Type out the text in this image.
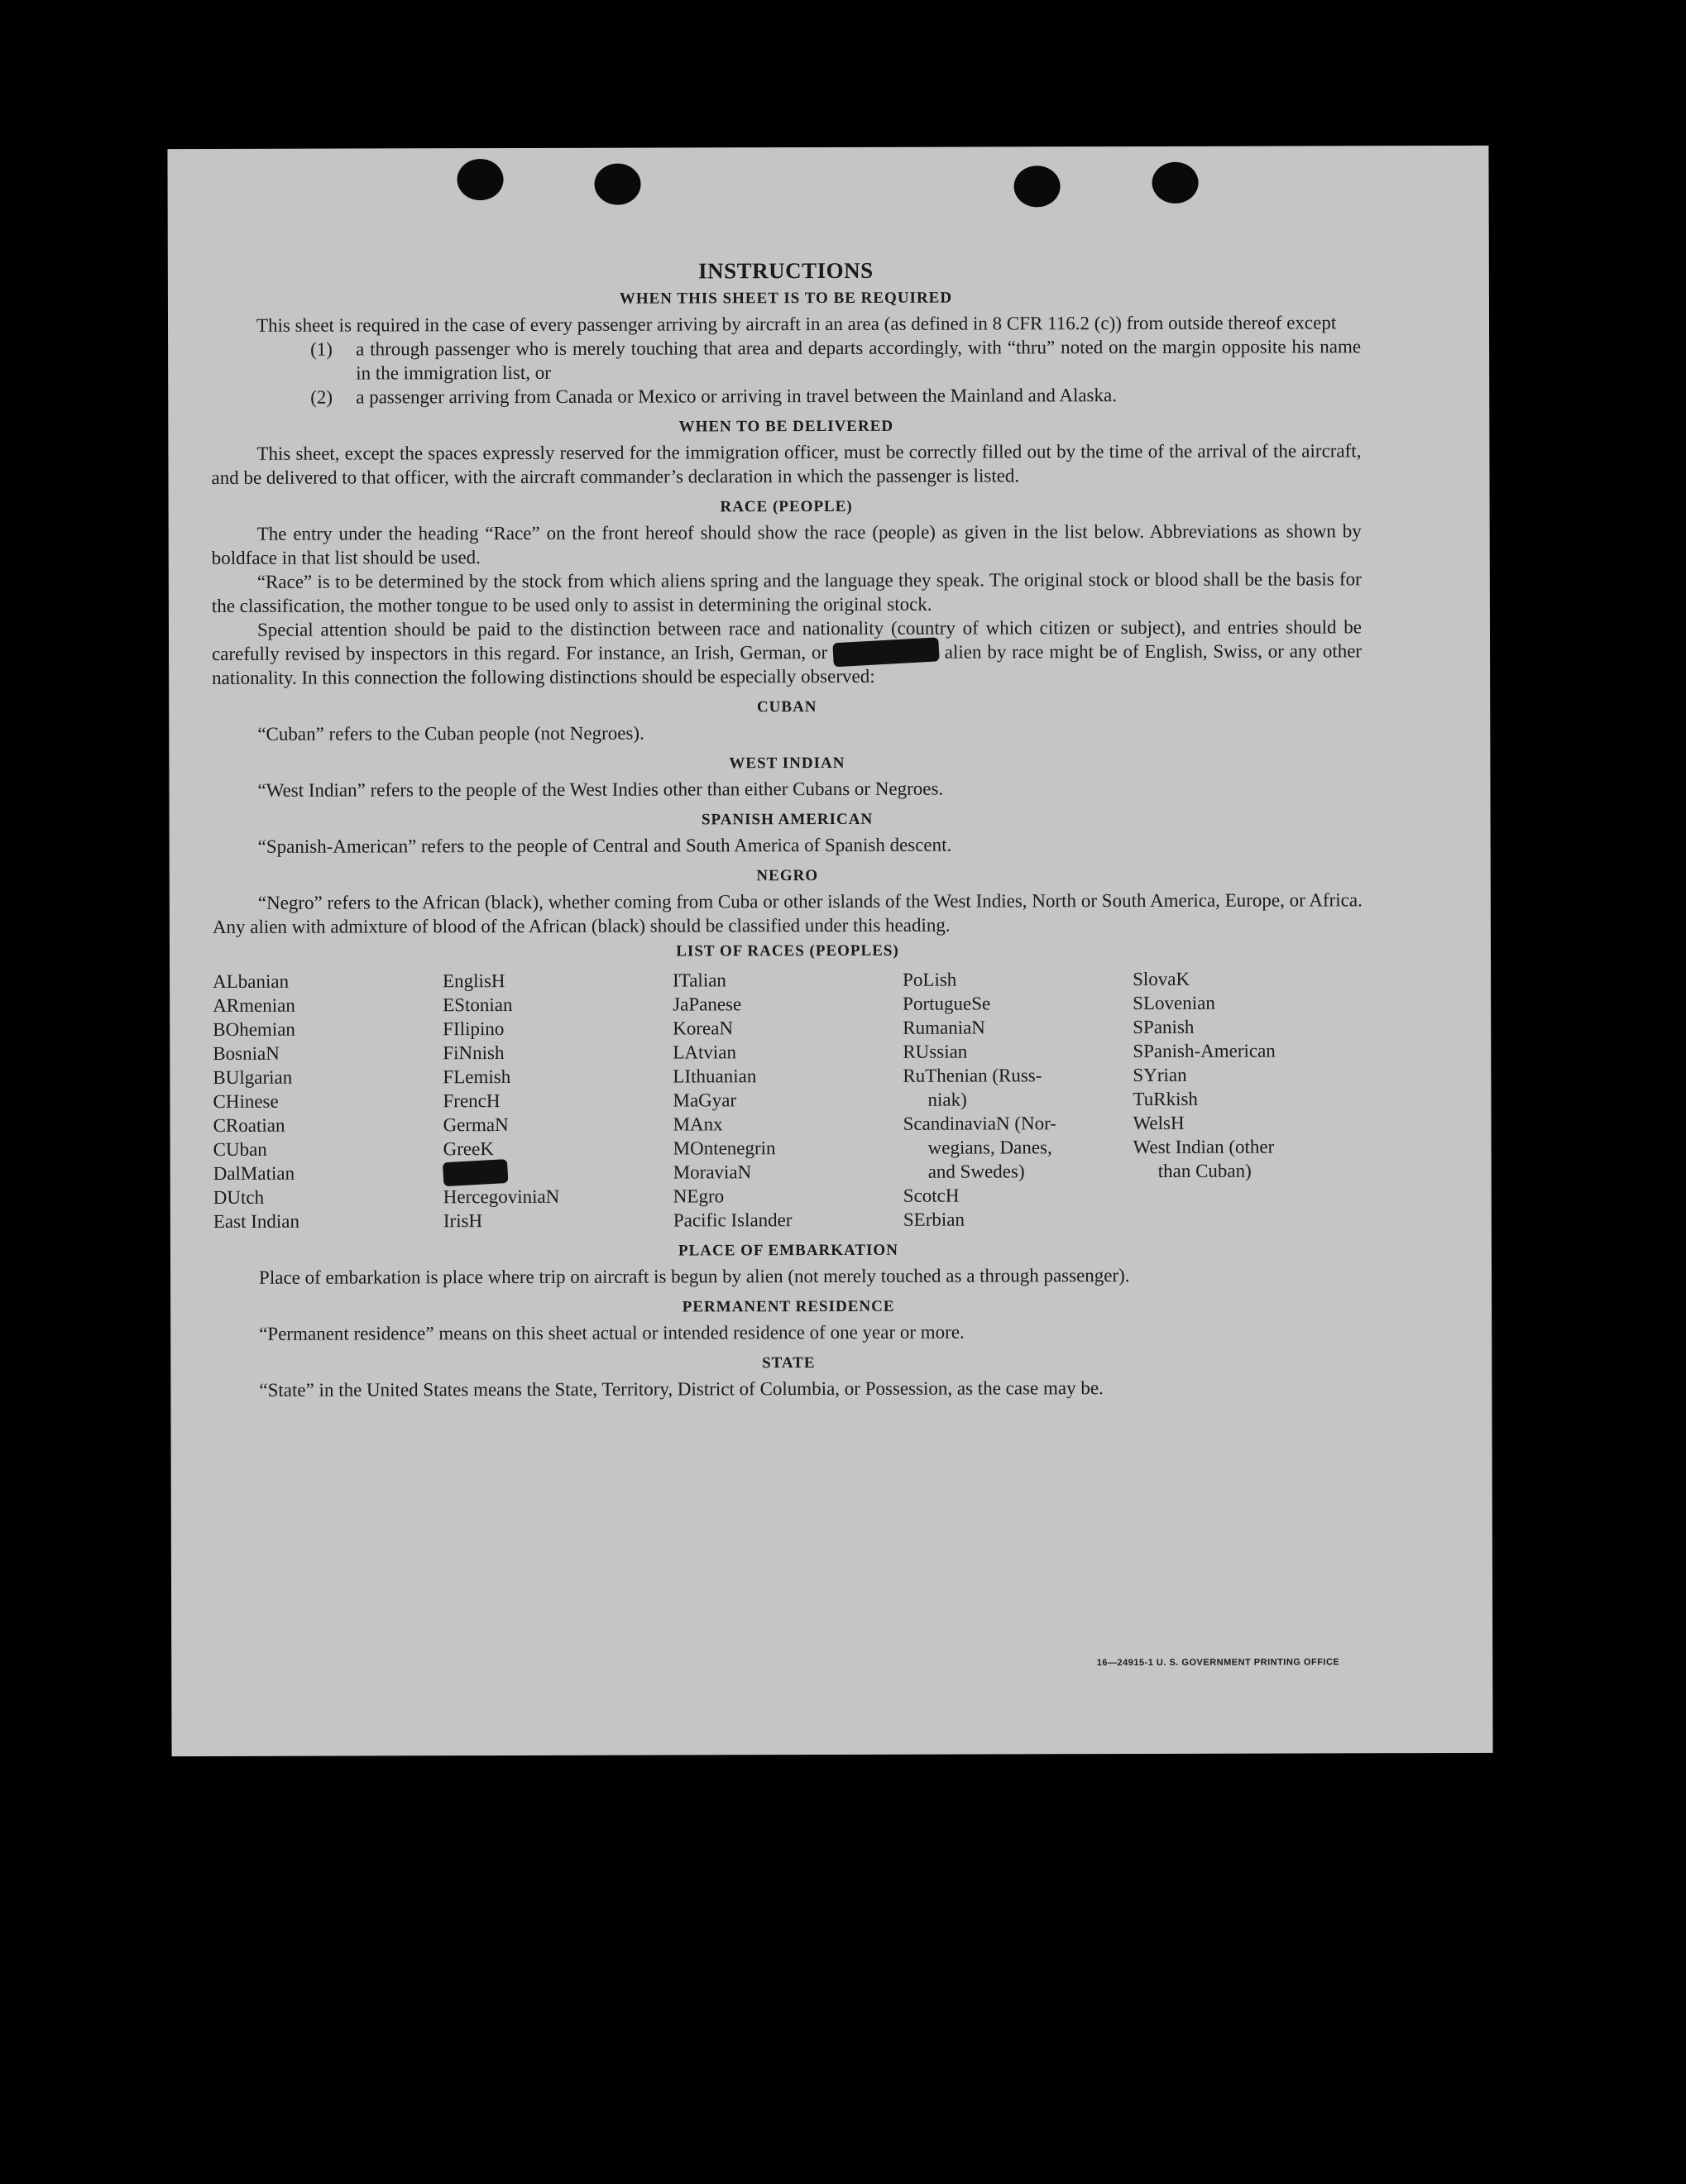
INSTRUCTIONS
WHEN THIS SHEET IS TO BE REQUIRED

This sheet is required in the case of every passenger arriving by aircraft in an area (as defined in 8 CFR 116.2 (c)) from outside thereof except

(1)	a through passenger who is merely touching that area and departs accordingly, with “thru” noted on the margin opposite his name in the immigration list, or
(2)	a passenger arriving from Canada or Mexico or arriving in travel between the Mainland and Alaska.
WHEN TO BE DELIVERED

This sheet, except the spaces expressly reserved for the immigration officer, must be correctly filled out by the time of the arrival of the aircraft, and be delivered to that officer, with the aircraft commander’s declaration in which the passenger is listed.

RACE (PEOPLE)

The entry under the heading “Race” on the front hereof should show the race (people) as given in the list below. Abbreviations as shown by boldface in that list should be used.

“Race” is to be determined by the stock from which aliens spring and the language they speak. The original stock or blood shall be the basis for the classification, the mother tongue to be used only to assist in determining the original stock.

Special attention should be paid to the distinction between race and nationality (country of which citizen or subject), and entries should be carefully revised by inspectors in this regard. For instance, an Irish, German, or	alien by race might be of English, Swiss, or any other nationality. In this connection the following distinctions should be especially observed:

CUBAN

“Cuban” refers to the Cuban people (not Negroes).

WEST INDIAN

“West Indian” refers to the people of the West Indies other than either Cubans or Negroes.

SPANISH AMERICAN

“Spanish-American” refers to the people of Central and South America of Spanish descent.

NEGRO

“Negro” refers to the African (black), whether coming from Cuba or other islands of the West Indies, North or South America, Europe, or Africa. Any alien with admixture of blood of the African (black) should be classified under this heading.

LIST OF RACES (PEOPLES)
ALbanian
ARmenian
BOhemian
BosniaN
BUlgarian
CHinese
CRoatian
CUban
DalMatian
DUtch
East Indian
EnglisH
EStonian
FIlipino
FiNnish
FLemish
FrencH
GermaN
GreeK
HercegoviniaN
IrisH
ITalian
JaPanese
KoreaN
LAtvian
LIthuanian
MaGyar
MAnx
MOntenegrin
MoraviaN
NEgro
Pacific Islander
PoLish
PortugueSe
RumaniaN
RUssian
RuThenian (Russ-
niak)
ScandinaviaN (Nor-
wegians, Danes,
and Swedes)
ScotcH
SErbian
SlovaK
SLovenian
SPanish
SPanish-American
SYrian
TuRkish
WelsH
West Indian (other
than Cuban)
PLACE OF EMBARKATION

Place of embarkation is place where trip on aircraft is begun by alien (not merely touched as a through passenger).

PERMANENT RESIDENCE

“Permanent residence” means on this sheet actual or intended residence of one year or more.

STATE

“State” in the United States means the State, Territory, District of Columbia, or Possession, as the case may be.

16—24915-1 U. S. GOVERNMENT PRINTING OFFICE
